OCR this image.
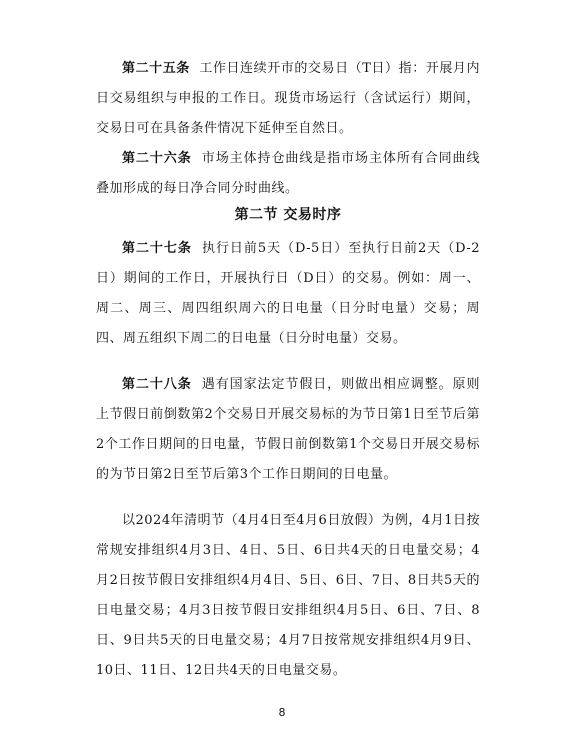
第二十五条 工作日连续开市的交易日（T日）指：开展月内日交易组织与申报的工作日。现货市场运行（含试运行）期间，交易日可在具备条件情况下延伸至自然日。

第二十六条 市场主体持仓曲线是指市场主体所有合同曲线叠加形成的每日净合同分时曲线。

第二节 交易时序

第二十七条 执行日前5天（D-5日）至执行日前2天（D-2日）期间的工作日，开展执行日（D日）的交易。例如：周一、周二、周三、周四组织周六的日电量（日分时电量）交易；周四、周五组织下周二的日电量（日分时电量）交易。

第二十八条 遇有国家法定节假日，则做出相应调整。原则上节假日前倒数第2个交易日开展交易标的为节日第1日至节后第2个工作日期间的日电量，节假日前倒数第1个交易日开展交易标的为节日第2日至节后第3个工作日期间的日电量。

以2024年清明节（4月4日至4月6日放假）为例，4月1日按常规安排组织4月3日、4日、5日、6日共4天的日电量交易；4月2日按节假日安排组织4月4日、5日、6日、7日、8日共5天的日电量交易；4月3日按节假日安排组织4月5日、6日、7日、8日、9日共5天的日电量交易；4月7日按常规安排组织4月9日、10日、11日、12日共4天的日电量交易。

8
